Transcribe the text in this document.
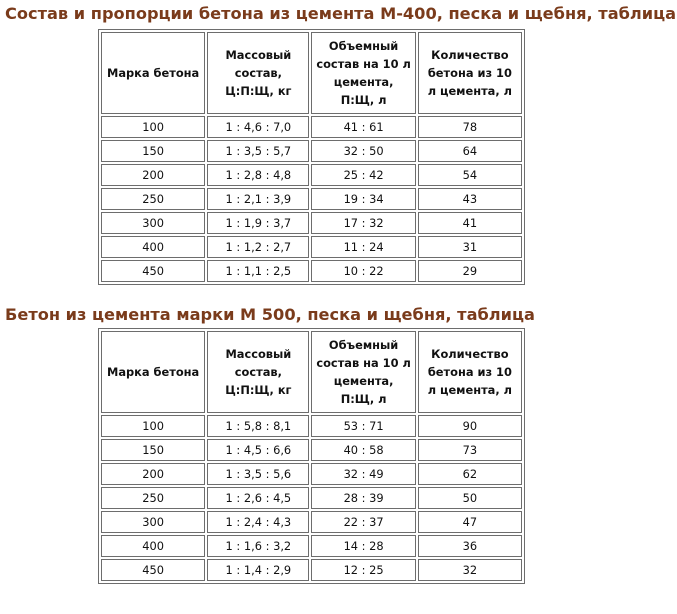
Состав и пропорции бетона из цемента М-400, песка и щебня, таблица
Марка бетона	Массовый состав, Ц:П:Щ, кг	Объемный состав на 10 л цемента, П:Щ, л	Количество бетона из 10 л цемента, л
100	1 : 4,6 : 7,0	41 : 61	78
150	1 : 3,5 : 5,7	32 : 50	64
200	1 : 2,8 : 4,8	25 : 42	54
250	1 : 2,1 : 3,9	19 : 34	43
300	1 : 1,9 : 3,7	17 : 32	41
400	1 : 1,2 : 2,7	11 : 24	31
450	1 : 1,1 : 2,5	10 : 22	29
Бетон из цемента марки М 500, песка и щебня, таблица
Марка бетона	Массовый состав, Ц:П:Щ, кг	Объемный состав на 10 л цемента, П:Щ, л	Количество бетона из 10 л цемента, л
100	1 : 5,8 : 8,1	53 : 71	90
150	1 : 4,5 : 6,6	40 : 58	73
200	1 : 3,5 : 5,6	32 : 49	62
250	1 : 2,6 : 4,5	28 : 39	50
300	1 : 2,4 : 4,3	22 : 37	47
400	1 : 1,6 : 3,2	14 : 28	36
450	1 : 1,4 : 2,9	12 : 25	32
